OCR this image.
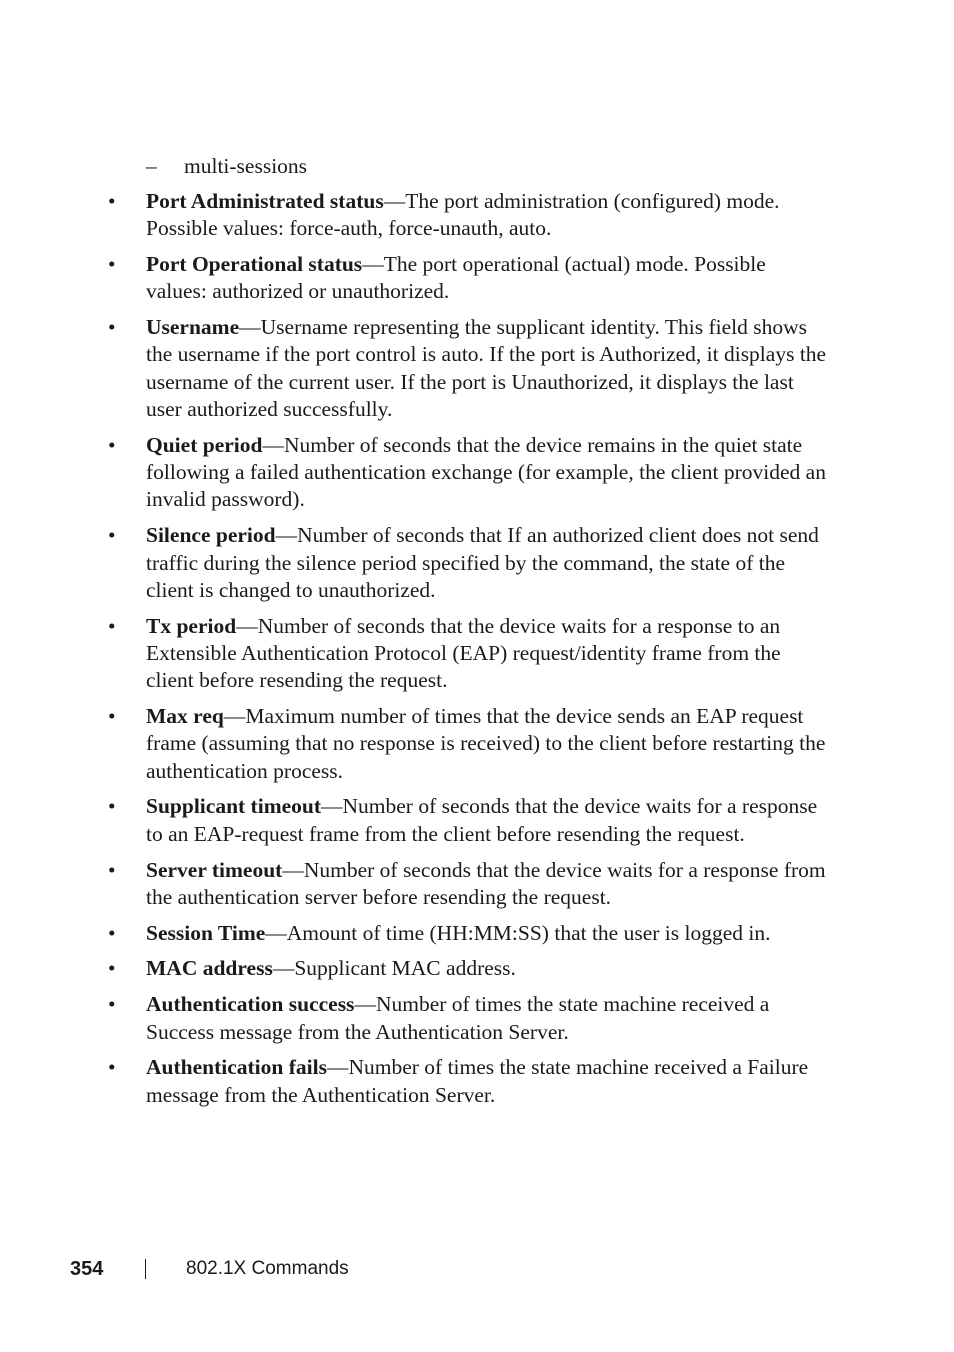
– multi-sessions
• Port Administrated status—The port administration (configured) mode. Possible values: force-auth, force-unauth, auto.
• Port Operational status—The port operational (actual) mode. Possible values: authorized or unauthorized.
• Username—Username representing the supplicant identity. This field shows the username if the port control is auto. If the port is Authorized, it displays the username of the current user. If the port is Unauthorized, it displays the last user authorized successfully.
• Quiet period—Number of seconds that the device remains in the quiet state following a failed authentication exchange (for example, the client provided an invalid password).
• Silence period—Number of seconds that If an authorized client does not send traffic during the silence period specified by the command, the state of the client is changed to unauthorized.
• Tx period—Number of seconds that the device waits for a response to an Extensible Authentication Protocol (EAP) request/identity frame from the client before resending the request.
• Max req—Maximum number of times that the device sends an EAP request frame (assuming that no response is received) to the client before restarting the authentication process.
• Supplicant timeout—Number of seconds that the device waits for a response to an EAP-request frame from the client before resending the request.
• Server timeout—Number of seconds that the device waits for a response from the authentication server before resending the request.
• Session Time—Amount of time (HH:MM:SS) that the user is logged in.
• MAC address—Supplicant MAC address.
• Authentication success—Number of times the state machine received a Success message from the Authentication Server.
• Authentication fails—Number of times the state machine received a Failure message from the Authentication Server.
354	802.1X Commands
